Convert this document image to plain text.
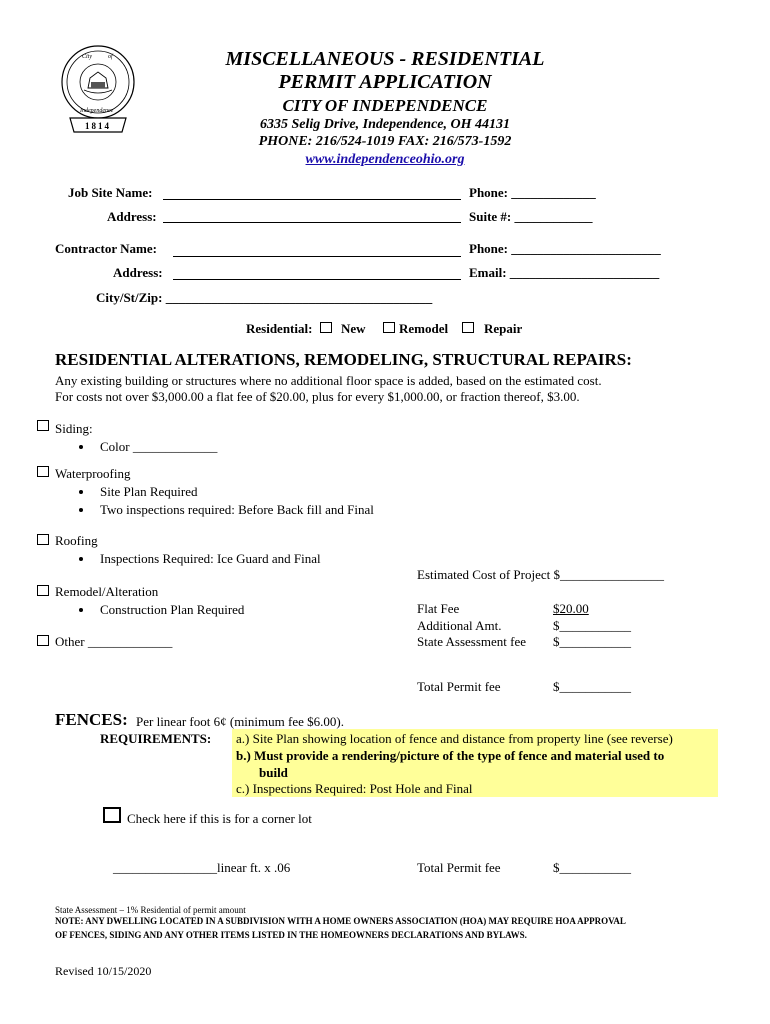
City	of
Independence
1814
MISCELLANEOUS - RESIDENTIAL
PERMIT APPLICATION
CITY OF INDEPENDENCE
6335 Selig Drive, Independence, OH 44131
PHONE: 216/524-1019 FAX: 216/573-1592
www.independenceohio.org
Job Site Name:	Phone: _____________
Address:	Suite #: ____________
Contractor Name:	Phone: _______________________
Address:	Email: _______________________
City/St/Zip: _________________________________________
Residential: New	Remodel	Repair
RESIDENTIAL ALTERATIONS, REMODELING, STRUCTURAL REPAIRS:
Any existing building or structures where no additional floor space is added, based on the estimated cost.
For costs not over $3,000.00 a flat fee of $20.00, plus for every $1,000.00, or fraction thereof, $3.00.
Siding:
Color _____________
Waterproofing
Site Plan Required
Two inspections required: Before Back fill and Final
Roofing
Inspections Required: Ice Guard and Final
Remodel/Alteration
Construction Plan Required
Other _____________
Estimated Cost of Project $________________
Flat Fee	$20.00
Additional Amt.	$___________
State Assessment fee $___________
Total Permit fee	$___________
FENCES: Per linear foot 6¢ (minimum fee $6.00).
REQUIREMENTS: a.) Site Plan showing location of fence and distance from property line (see reverse)
b.) Must provide a rendering/picture of the type of fence and material used to
build
c.) Inspections Required: Post Hole and Final
Check here if this is for a corner lot
________________linear ft. x .06	Total Permit fee	$___________
State Assessment – 1% Residential of permit amount
NOTE: ANY DWELLING LOCATED IN A SUBDIVISION WITH A HOME OWNERS ASSOCIATION (HOA) MAY REQUIRE HOA APPROVAL
OF FENCES, SIDING AND ANY OTHER ITEMS LISTED IN THE HOMEOWNERS DECLARATIONS AND BYLAWS.
Revised 10/15/2020
